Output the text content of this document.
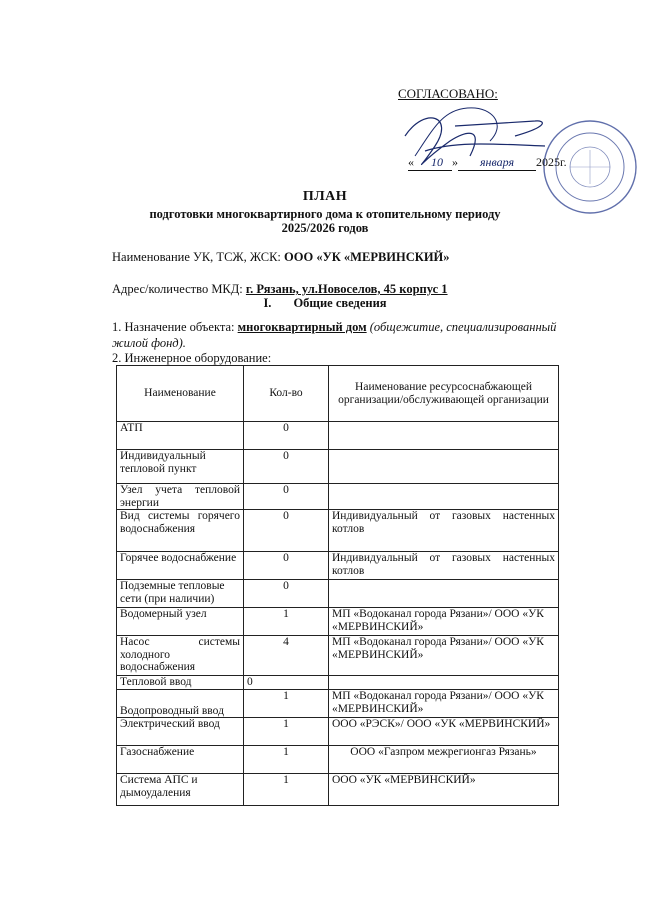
СОГЛАСОВАНО:
« 10 » января 2025г.
ПЛАН
подготовки многоквартирного дома к отопительному периоду
2025/2026 годов
Наименование УК, ТСЖ, ЖСК: ООО «УК «МЕРВИНСКИЙ»
Адрес/количество МКД: г. Рязань, ул.Новоселов, 45 корпус 1
I. Общие сведения
1. Назначение объекта: многоквартирный дом (общежитие, специализированный
жилой фонд).
2. Инженерное оборудование:
Наименование	Кол-во	Наименование ресурсоснабжающей организации/обслуживающей организации
АТП	0	
Индивидуальный тепловой пункт	0	
Узел учета тепловой энергии	0	
Вид системы горячего водоснабжения	0	Индивидуальный от газовых настенных котлов
Горячее водоснабжение	0	Индивидуальный от газовых настенных котлов
Подземные тепловые сети (при наличии)	0	
Водомерный узел	1	МП «Водоканал города Рязани»/ ООО «УК «МЕРВИНСКИЙ»
Насос системы холодного водоснабжения	4	МП «Водоканал города Рязани»/ ООО «УК «МЕРВИНСКИЙ»
Тепловой ввод	0	
Водопроводный ввод	1	МП «Водоканал города Рязани»/ ООО «УК «МЕРВИНСКИЙ»
Электрический ввод	1	ООО «РЭСК»/ ООО «УК «МЕРВИНСКИЙ»
Газоснабжение	1	ООО «Газпром межрегионгаз Рязань»
Система АПС и дымоудаления	1	ООО «УК «МЕРВИНСКИЙ»
